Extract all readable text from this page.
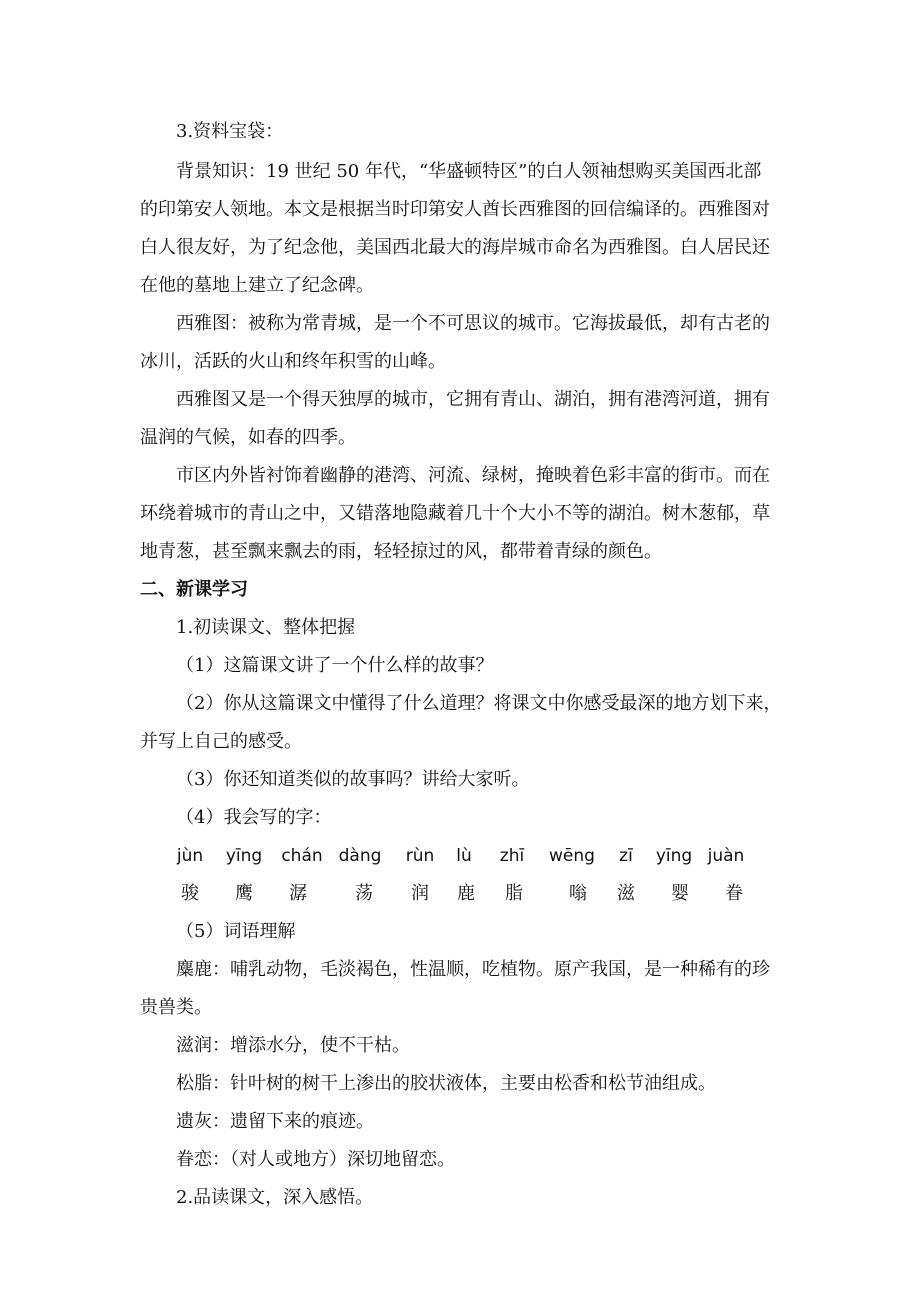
3.资料宝袋：
背景知识：19 世纪 50 年代，“华盛顿特区”的白人领袖想购买美国西北部
的印第安人领地。本文是根据当时印第安人酋长西雅图的回信编译的。西雅图对
白人很友好，为了纪念他，美国西北最大的海岸城市命名为西雅图。白人居民还
在他的墓地上建立了纪念碑。
西雅图：被称为常青城，是一个不可思议的城市。它海拔最低，却有古老的
冰川，活跃的火山和终年积雪的山峰。
西雅图又是一个得天独厚的城市，它拥有青山、湖泊，拥有港湾河道，拥有
温润的气候，如春的四季。
市区内外皆衬饰着幽静的港湾、河流、绿树，掩映着色彩丰富的街市。而在
环绕着城市的青山之中，又错落地隐藏着几十个大小不等的湖泊。树木葱郁，草
地青葱，甚至飘来飘去的雨，轻轻掠过的风，都带着青绿的颜色。
二、新课学习
1.初读课文、整体把握
（1）这篇课文讲了一个什么样的故事？
（2）你从这篇课文中懂得了什么道理？将课文中你感受最深的地方划下来，
并写上自己的感受。
（3）你还知道类似的故事吗？讲给大家听。
（4）我会写的字：
jùn	yīng	chán dàng	rùn	lù	zhī	wēng	zī	yīng juàn
骏	鹰	潺	荡	润	鹿	脂	嗡	滋	婴	眷
（5）词语理解
麋鹿：哺乳动物，毛淡褐色，性温顺，吃植物。原产我国，是一种稀有的珍
贵兽类。
滋润：增添水分，使不干枯。
松脂：针叶树的树干上渗出的胶状液体，主要由松香和松节油组成。
遗灰：遗留下来的痕迹。
眷恋：（对人或地方）深切地留恋。
2.品读课文，深入感悟。
